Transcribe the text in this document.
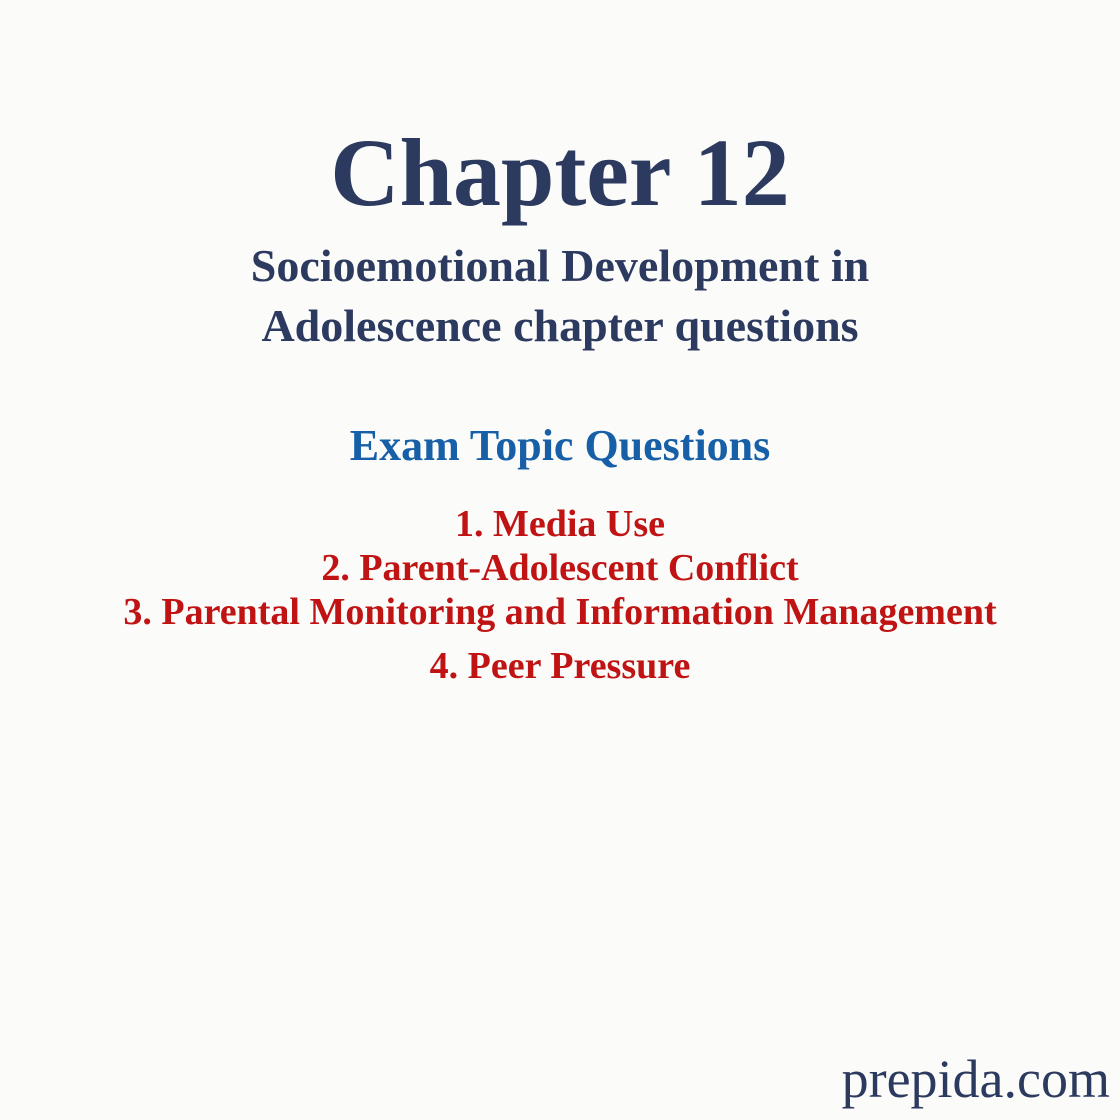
Chapter 12
Socioemotional Development in
Adolescence chapter questions
Exam Topic Questions
1. Media Use
2. Parent-Adolescent Conflict
3. Parental Monitoring and Information Management
4. Peer Pressure
prepida.com
